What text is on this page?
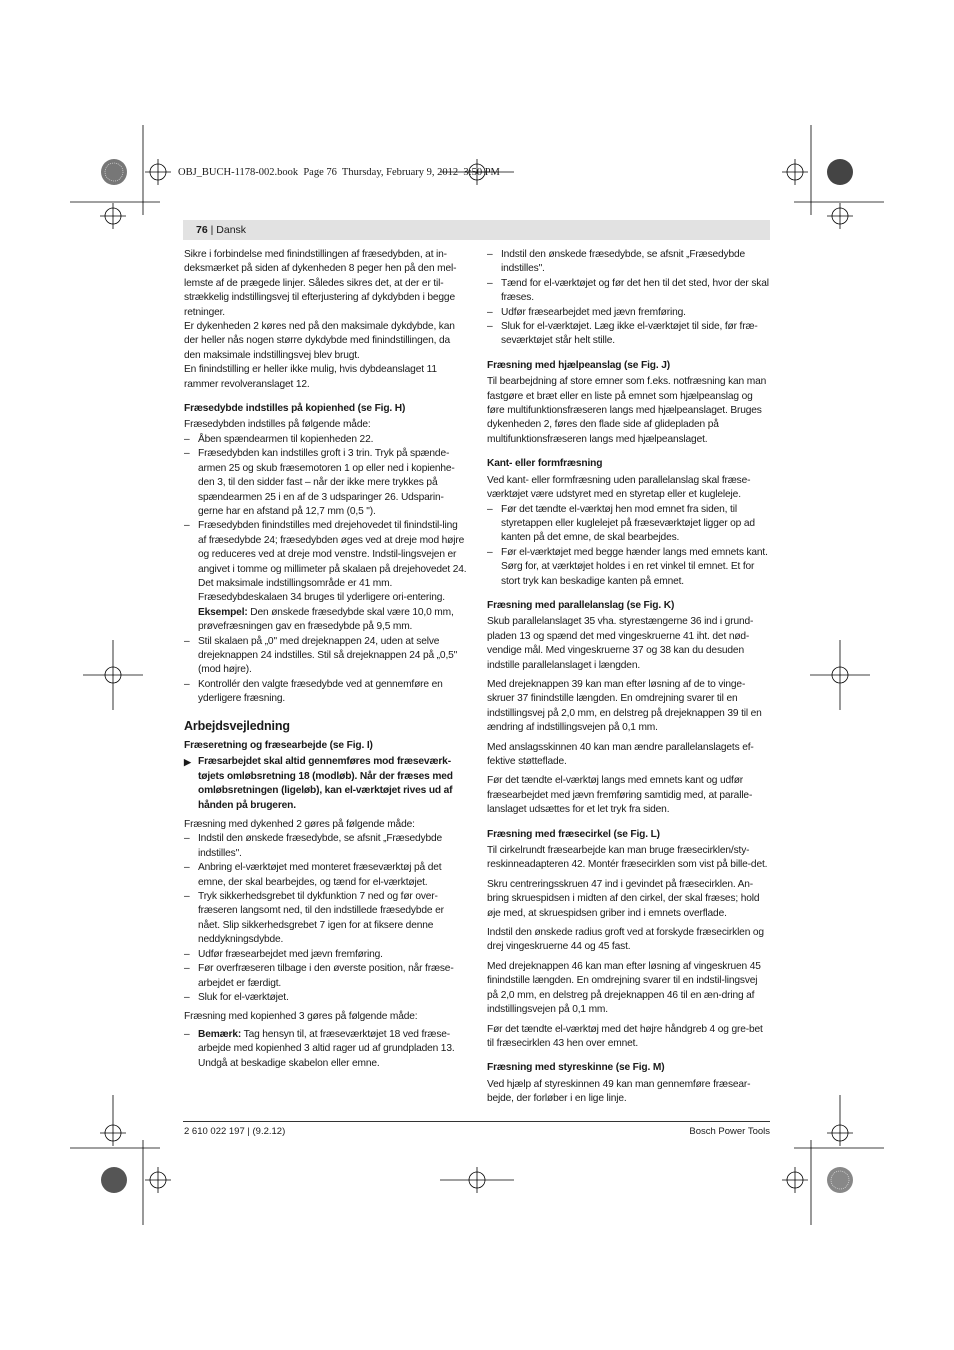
OBJ_BUCH-1178-002.book  Page 76  Thursday, February 9, 2012  3:50 PM
76 | Dansk

Sikre i forbindelse med finindstillingen af fræsedybden, at in-deksmærket på siden af dykenheden 8 peger hen på den mel-lemste af de prægede linjer. Således sikres det, at der er til-strækkelig indstillingsvej til efterjustering af dykdybden i begge retninger.

Er dykenheden 2 køres ned på den maksimale dykdybde, kan der heller nås nogen større dykdybde med finindstillingen, da den maksimale indstillingsvej blev brugt.

En finindstilling er heller ikke mulig, hvis dybdeanslaget 11 rammer revolveranslaget 12.

Fræsedybde indstilles på kopienhed (se Fig. H)

Fræsedybden indstilles på følgende måde:

– Åben spændearmen til kopienheden 22.
– Fræsedybden kan indstilles groft i 3 trin. Tryk på spænde-armen 25 og skub fræsemotoren 1 op eller ned i kopienhe-den 3, til den sidder fast – når der ikke mere trykkes på spændearmen 25 i en af de 3 udsparinger 26. Udsparin-gerne har en afstand på 12,7 mm (0,5 ").
– Fræsedybden finindstilles med drejehovedet til finindstil-ling af fræsedybde 24; fræsedybden øges ved at dreje mod højre og reduceres ved at dreje mod venstre. Indstil-lingsvejen er angivet i tomme og millimeter på skalaen på drejehovedet 24. Det maksimale indstillingsområde er 41 mm. Fræsedybdeskalaen 34 bruges til yderligere ori-entering.
Eksempel: Den ønskede fræsedybde skal være 10,0 mm, prøvefræsningen gav en fræsedybde på 9,5 mm.
– Stil skalaen på „0" med drejeknappen 24, uden at selve drejeknappen 24 indstilles. Stil så drejeknappen 24 på „0,5" (mod højre).
– Kontrollér den valgte fræsedybde ved at gennemføre en yderligere fræsning.
Arbejdsvejledning
Fræseretning og fræsearbejde (se Fig. I)
▶ Fræsarbejdet skal altid gennemføres mod fræseværk-tøjets omløbsretning 18 (modløb). Når der fræses med omløbsretningen (ligeløb), kan el-værktøjet rives ud af hånden på brugeren.

Fræsning med dykenhed 2 gøres på følgende måde:

– Indstil den ønskede fræsedybde, se afsnit „Fræsedybde indstilles".
– Anbring el-værktøjet med monteret fræseværktøj på det emne, der skal bearbejdes, og tænd for el-værktøjet.
– Tryk sikkerhedsgrebet til dykfunktion 7 ned og før over-fræseren langsomt ned, til den indstillede fræsedybde er nået. Slip sikkerhedsgrebet 7 igen for at fiksere denne neddykningsdybde.
– Udfør fræsearbejdet med jævn fremføring.
– Før overfræseren tilbage i den øverste position, når fræse-arbejdet er færdigt.
– Sluk for el-værktøjet.

Fræsning med kopienhed 3 gøres på følgende måde:

– Bemærk: Tag hensyn til, at fræseværktøjet 18 ved fræse-arbejde med kopienhed 3 altid rager ud af grundpladen 13. Undgå at beskadige skabelon eller emne.
– Indstil den ønskede fræsedybde, se afsnit „Fræsedybde indstilles".
– Tænd for el-værktøjet og før det hen til det sted, hvor der skal fræses.
– Udfør fræsearbejdet med jævn fremføring.
– Sluk for el-værktøjet. Læg ikke el-værktøjet til side, før fræ-seværktøjet står helt stille.
Fræsning med hjælpeanslag (se Fig. J)

Til bearbejdning af store emner som f.eks. notfræsning kan man fastgøre et bræt eller en liste på emnet som hjælpeanslag og føre multifunktionsfræseren langs med hjælpeanslaget. Bruges dykenheden 2, føres den flade side af glidepladen på multifunktionsfræseren langs med hjælpeanslaget.

Kant- eller formfræsning

Ved kant- eller formfræsning uden parallelanslag skal fræse-værktøjet være udstyret med en styretap eller et kugleleje.

– Før det tændte el-værktøj hen mod emnet fra siden, til styretappen eller kuglelejet på fræseværktøjet ligger op ad kanten på det emne, de skal bearbejdes.
– Før el-værktøjet med begge hænder langs med emnets kant. Sørg for, at værktøjet holdes i en ret vinkel til emnet. Et for stort tryk kan beskadige kanten på emnet.
Fræsning med parallelanslag (se Fig. K)

Skub parallelanslaget 35 vha. styrestængerne 36 ind i grund-pladen 13 og spænd det med vingeskruerne 41 iht. det nød-vendige mål. Med vingeskruerne 37 og 38 kan du desuden indstille parallelanslaget i længden.

Med drejeknappen 39 kan man efter løsning af de to vinge-skruer 37 finindstille længden. En omdrejning svarer til en indstillingsvej på 2,0 mm, en delstreg på drejeknappen 39 til en ændring af indstillingsvejen på 0,1 mm.

Med anslagsskinnen 40 kan man ændre parallelanslagets ef-fektive støtteflade.

Før det tændte el-værktøj langs med emnets kant og udfør fræsearbejdet med jævn fremføring samtidig med, at paralle-lanslaget udsættes for et let tryk fra siden.

Fræsning med fræsecirkel (se Fig. L)

Til cirkelrundt fræsearbejde kan man bruge fræsecirklen/sty-reskinneadapteren 42. Montér fræsecirklen som vist på bille-det.

Skru centreringsskruen 47 ind i gevindet på fræsecirklen. An-bring skruespidsen i midten af den cirkel, der skal fræses; hold øje med, at skruespidsen griber ind i emnets overflade.

Indstil den ønskede radius groft ved at forskyde fræsecirklen og drej vingeskruerne 44 og 45 fast.

Med drejeknappen 46 kan man efter løsning af vingeskruen 45 finindstille længden. En omdrejning svarer til en indstil-lingsvej på 2,0 mm, en delstreg på drejeknappen 46 til en æn-dring af indstillingsvejen på 0,1 mm.

Før det tændte el-værktøj med det højre håndgreb 4 og gre-bet til fræsecirklen 43 hen over emnet.

Fræsning med styreskinne (se Fig. M)

Ved hjælp af styreskinnen 49 kan man gennemføre fræsear-bejde, der forløber i en lige linje.

2 610 022 197 | (9.2.12)	Bosch Power Tools
